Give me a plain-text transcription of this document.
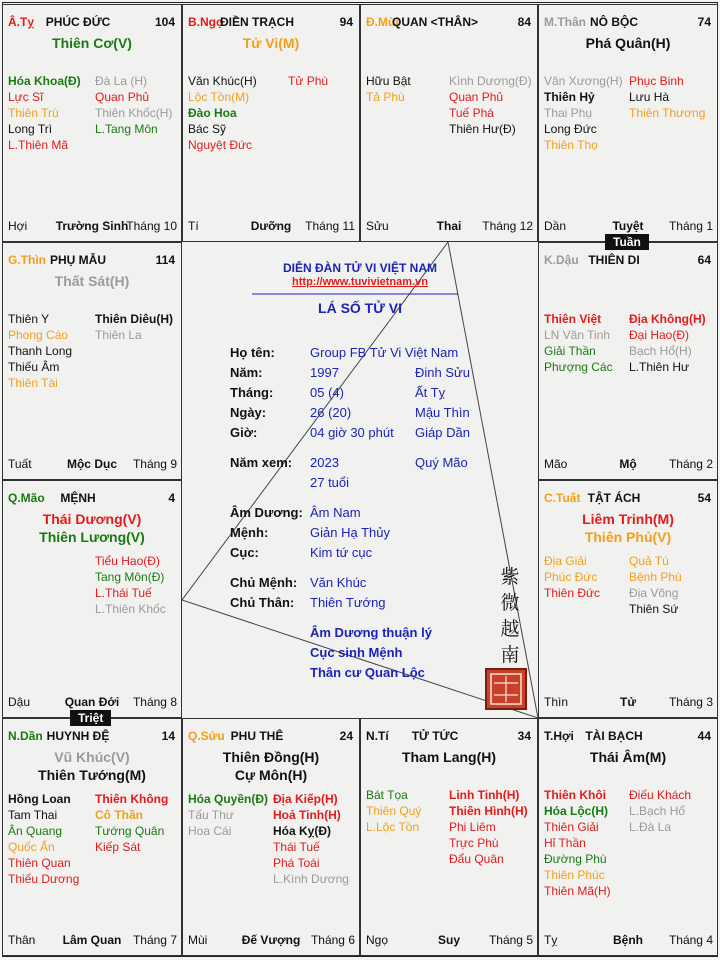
Â.Tỵ PHÚC ĐỨC	104
Thiên Cơ(V)
Hóa Khoa(Đ)
Lực Sĩ
Thiên Trù
Long Trì
L.Thiên Mã
Đà La (H)
Quan Phủ
Thiên Khốc(H)
L.Tang Môn
Hợi	Trường Sinh
Tháng 10
B.Ngọ
ĐIỀN TRẠCH	94
Tử Vi(M)
Văn Khúc(H)
Lộc Tồn(M)
Đào Hoa
Bác Sỹ
Nguyệt Đức
Tử Phù
Tí	Dưỡng	Tháng 11
Đ.Mùi
QUAN <THÂN>	84
Hữu Bật
Tả Phù
Kình Dương(Đ)
Quan Phủ
Tuế Phá
Thiên Hư(Đ)
Sửu	Thai	Tháng 12
M.Thân NÔ BỘC	74
Phá Quân(H)
Văn Xương(H)
Thiên Hỷ
Thai Phụ
Long Đức
Thiên Thọ
Phục Binh
Lưu Hà
Thiên Thương
Dần	Tuyệt	Tháng 1
G.Thìn PHỤ MẪU	114
Thất Sát(H)
Thiên Y
Phong Cáo
Thanh Long
Thiếu Âm
Thiên Tài
Thiên Diêu(H)
Thiên La
Tuất	Mộc Dục	Tháng 9
K.Dậu THIÊN DI	64
Thiên Việt
LN Văn Tinh
Giải Thần
Phượng Các
Địa Không(H)
Đại Hao(Đ)
Bạch Hổ(H)
L.Thiên Hư
Mão	Mộ	Tháng 2
Q.Mão	MỆNH	4
Thái Dương(V)
Thiên Lương(V)
Tiểu Hao(Đ)
Tang Môn(Đ)
L.Thái Tuế
L.Thiên Khốc
Dậu	Quan Đới	Tháng 8
C.Tuất TẬT ÁCH	54
Liêm Trinh(M)
Thiên Phủ(V)
Địa Giải
Phúc Đức
Thiên Đức
Quả Tú
Bệnh Phù
Địa Võng
Thiên Sứ
Thìn	Tử	Tháng 3
N.Dần HUYNH ĐỆ	14
Vũ Khúc(V)
Thiên Tướng(M)
Hồng Loan
Tam Thai
Ân Quang
Quốc Ấn
Thiên Quan
Thiếu Dương
Thiên Không
Cô Thần
Tướng Quân
Kiếp Sát
Thân	Lâm Quan Tháng 7
Q.Sửu PHU THÊ	24
Thiên Đồng(H)
Cự Môn(H)
Hóa Quyền(Đ)
Tấu Thư
Hoa Cái
Địa Kiếp(H)
Hoả Tinh(H)
Hóa Kỵ(Đ)
Thái Tuế
Phá Toái
L.Kình Dương
Mùi	Đế Vượng Tháng 6
N.Tí	TỬ TỨC	34
Tham Lang(H)
Bát Tọa
Thiên Quý
L.Lộc Tồn
Linh Tinh(H)
Thiên Hình(H)
Phi Liêm
Trực Phù
Đẩu Quân
Ngọ	Suy	Tháng 5
T.Hợi TÀI BẠCH	44
Thái Âm(M)
Thiên Khôi
Hóa Lộc(H)
Thiên Giải
Hỉ Thần
Đường Phù
Thiên Phúc
Thiên Mã(H)
Điếu Khách
L.Bạch Hổ
L.Đà La
Tỵ	Bệnh	Tháng 4
DIỄN ĐÀN TỬ VI VIỆT NAM
http://www.tuvivietnam.vn
LÁ SỐ TỬ VI
Họ tên:	Group FB Tử Vi Việt Nam
Năm:	1997	Đinh Sửu
Tháng:	05 (4)	Ất Tỵ
Ngày:	26 (20)	Mậu Thìn
Giờ:	04 giờ 30 phút Giáp Dần
Năm xem: 2023	Quý Mão
27 tuổi
Âm Dương: Âm Nam
Mệnh:	Giản Hạ Thủy
Cục:	Kim tứ cục
Chủ Mệnh: Văn Khúc
Chủ Thân: Thiên Tướng
Âm Dương thuận lý
Cục sinh Mệnh
Thân cư Quan Lộc
紫
微
越
南
Tuần
Triệt
